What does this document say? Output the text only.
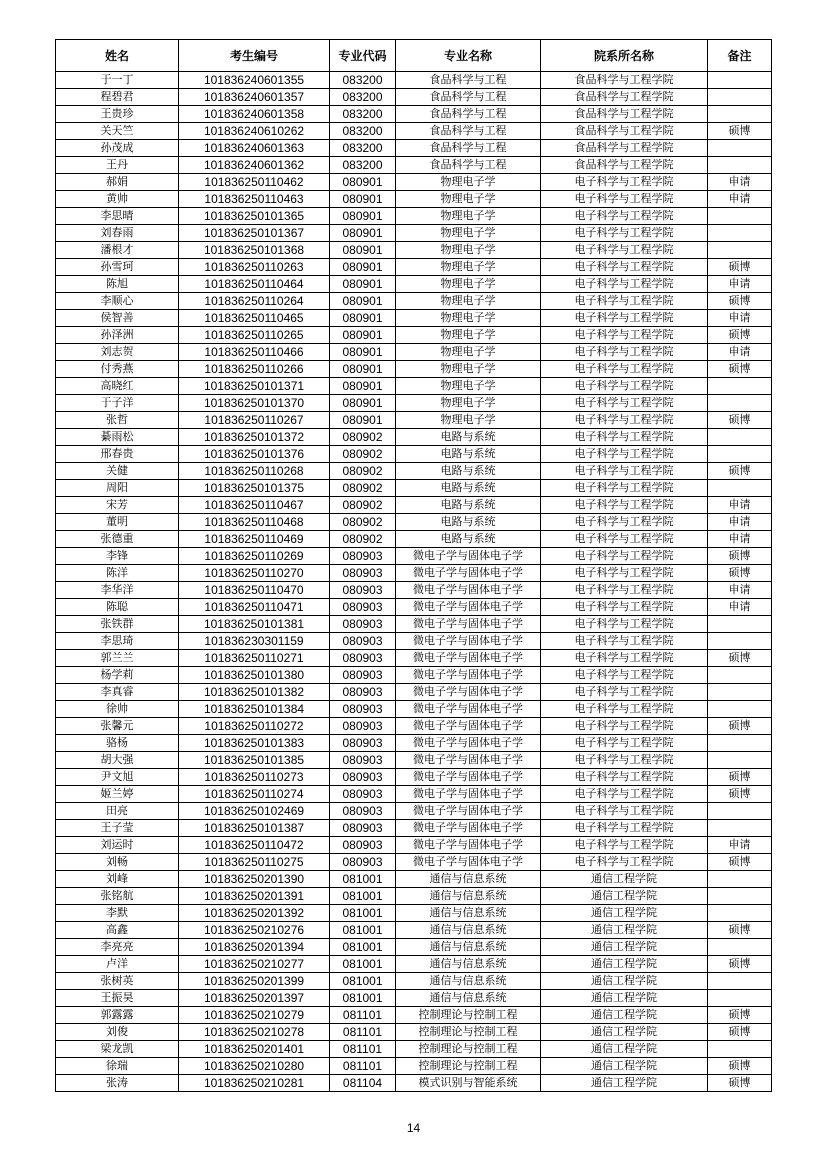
姓名	考生编号	专业代码	专业名称	院系所名称	备注
于一丁	101836240601355	083200	食品科学与工程	食品科学与工程学院	
程碧君	101836240601357	083200	食品科学与工程	食品科学与工程学院	
王贵珍	101836240601358	083200	食品科学与工程	食品科学与工程学院	
关天竺	101836240610262	083200	食品科学与工程	食品科学与工程学院	硕博
孙茂成	101836240601363	083200	食品科学与工程	食品科学与工程学院	
王丹	101836240601362	083200	食品科学与工程	食品科学与工程学院	
郝娟	101836250110462	080901	物理电子学	电子科学与工程学院	申请
黄帅	101836250110463	080901	物理电子学	电子科学与工程学院	申请
李思晴	101836250101365	080901	物理电子学	电子科学与工程学院	
刘春雨	101836250101367	080901	物理电子学	电子科学与工程学院	
潘根才	101836250101368	080901	物理电子学	电子科学与工程学院	
孙雪珂	101836250110263	080901	物理电子学	电子科学与工程学院	硕博
陈旭	101836250110464	080901	物理电子学	电子科学与工程学院	申请
李顺心	101836250110264	080901	物理电子学	电子科学与工程学院	硕博
侯智善	101836250110465	080901	物理电子学	电子科学与工程学院	申请
孙泽洲	101836250110265	080901	物理电子学	电子科学与工程学院	硕博
刘志贺	101836250110466	080901	物理电子学	电子科学与工程学院	申请
付秀燕	101836250110266	080901	物理电子学	电子科学与工程学院	硕博
高晓红	101836250101371	080901	物理电子学	电子科学与工程学院	
于子洋	101836250101370	080901	物理电子学	电子科学与工程学院	
张哲	101836250110267	080901	物理电子学	电子科学与工程学院	硕博
綦雨松	101836250101372	080902	电路与系统	电子科学与工程学院	
邢春贵	101836250101376	080902	电路与系统	电子科学与工程学院	
关健	101836250110268	080902	电路与系统	电子科学与工程学院	硕博
周阳	101836250101375	080902	电路与系统	电子科学与工程学院	
宋芳	101836250110467	080902	电路与系统	电子科学与工程学院	申请
董明	101836250110468	080902	电路与系统	电子科学与工程学院	申请
张德重	101836250110469	080902	电路与系统	电子科学与工程学院	申请
李锋	101836250110269	080903	微电子学与固体电子学	电子科学与工程学院	硕博
陈洋	101836250110270	080903	微电子学与固体电子学	电子科学与工程学院	硕博
李华洋	101836250110470	080903	微电子学与固体电子学	电子科学与工程学院	申请
陈聪	101836250110471	080903	微电子学与固体电子学	电子科学与工程学院	申请
张铁群	101836250101381	080903	微电子学与固体电子学	电子科学与工程学院	
李思琦	101836230301159	080903	微电子学与固体电子学	电子科学与工程学院	
郭兰兰	101836250110271	080903	微电子学与固体电子学	电子科学与工程学院	硕博
杨学莉	101836250101380	080903	微电子学与固体电子学	电子科学与工程学院	
李真睿	101836250101382	080903	微电子学与固体电子学	电子科学与工程学院	
徐帅	101836250101384	080903	微电子学与固体电子学	电子科学与工程学院	
张馨元	101836250110272	080903	微电子学与固体电子学	电子科学与工程学院	硕博
骆杨	101836250101383	080903	微电子学与固体电子学	电子科学与工程学院	
胡大强	101836250101385	080903	微电子学与固体电子学	电子科学与工程学院	
尹文旭	101836250110273	080903	微电子学与固体电子学	电子科学与工程学院	硕博
姬兰婷	101836250110274	080903	微电子学与固体电子学	电子科学与工程学院	硕博
田亮	101836250102469	080903	微电子学与固体电子学	电子科学与工程学院	
王子莹	101836250101387	080903	微电子学与固体电子学	电子科学与工程学院	
刘运时	101836250110472	080903	微电子学与固体电子学	电子科学与工程学院	申请
刘畅	101836250110275	080903	微电子学与固体电子学	电子科学与工程学院	硕博
刘峰	101836250201390	081001	通信与信息系统	通信工程学院	
张铭航	101836250201391	081001	通信与信息系统	通信工程学院	
李默	101836250201392	081001	通信与信息系统	通信工程学院	
高鑫	101836250210276	081001	通信与信息系统	通信工程学院	硕博
李亮亮	101836250201394	081001	通信与信息系统	通信工程学院	
卢洋	101836250210277	081001	通信与信息系统	通信工程学院	硕博
张树英	101836250201399	081001	通信与信息系统	通信工程学院	
王振昊	101836250201397	081001	通信与信息系统	通信工程学院	
郭露露	101836250210279	081101	控制理论与控制工程	通信工程学院	硕博
刘俊	101836250210278	081101	控制理论与控制工程	通信工程学院	硕博
梁龙凯	101836250201401	081101	控制理论与控制工程	通信工程学院	
徐瑞	101836250210280	081101	控制理论与控制工程	通信工程学院	硕博
张涛	101836250210281	081104	模式识别与智能系统	通信工程学院	硕博
14
